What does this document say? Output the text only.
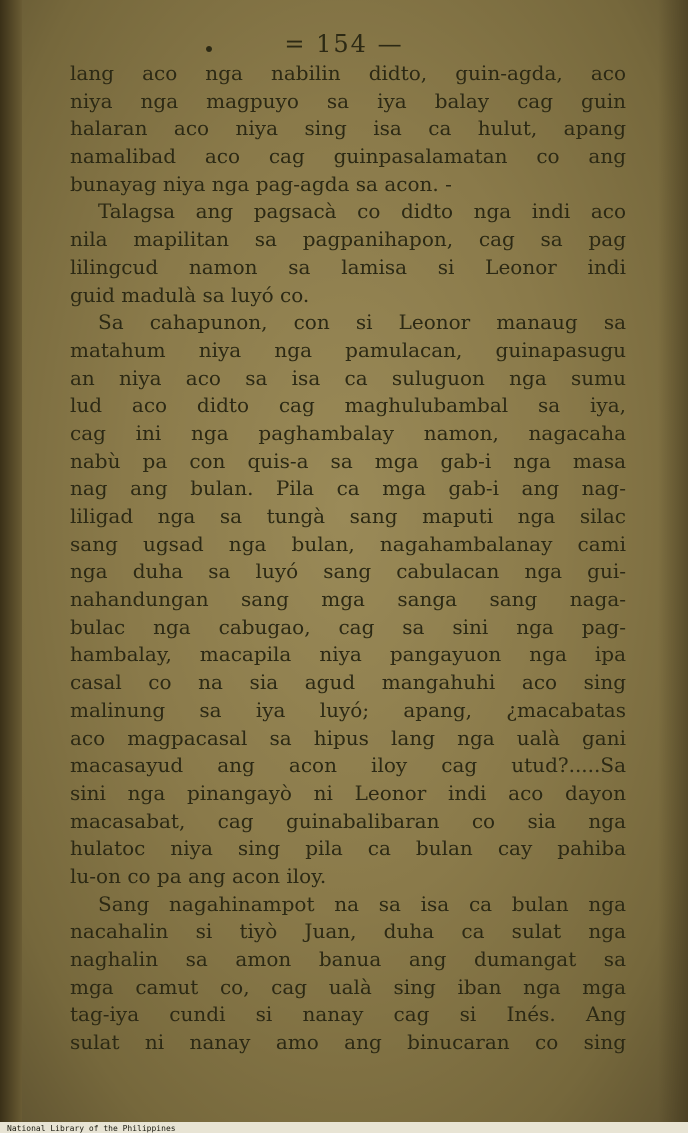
= 154 —
lang aco nga nabilin didto, guin-agda, aco
niya nga magpuyo sa iya balay cag guin
halaran aco niya sing isa ca hulut, apang
namalibad aco cag guinpasalamatan co ang
bunayag niya nga pag-agda sa acon. -
Talagsa ang pagsacà co didto nga indi aco
nila mapilitan sa pagpanihapon, cag sa pag
lilingcud namon sa lamisa si Leonor indi
guid madulà sa luyó co.
Sa cahapunon, con si Leonor manaug sa
matahum niya nga pamulacan, guinapasugu
an niya aco sa isa ca suluguon nga sumu
lud aco didto cag maghulubambal sa iya,
cag ini nga paghambalay namon, nagacaha
nabù pa con quis-a sa mga gab-i nga masa
nag ang bulan. Pila ca mga gab-i ang nag-
liligad nga sa tungà sang maputi nga silac
sang ugsad nga bulan, nagahambalanay cami
nga duha sa luyó sang cabulacan nga gui-
nahandungan sang mga sanga sang naga-
bulac nga cabugao, cag sa sini nga pag-
hambalay, macapila niya pangayuon nga ipa
casal co na sia agud mangahuhi aco sing
malinung sa iya luyó; apang, ¿macabatas
aco magpacasal sa hipus lang nga ualà gani
macasayud ang acon iloy cag utud?.....Sa
sini nga pinangayò ni Leonor indi aco dayon
macasabat, cag guinabalibaran co sia nga
hulatoc niya sing pila ca bulan cay pahiba
lu-on co pa ang acon iloy.
Sang nagahinampot na sa isa ca bulan nga
nacahalin si tiyò Juan, duha ca sulat nga
naghalin sa amon banua ang dumangat sa
mga camut co, cag ualà sing iban nga mga
tag-iya cundi si nanay cag si Inés. Ang
sulat ni nanay amo ang binucaran co sing
National Library of the Philippines
